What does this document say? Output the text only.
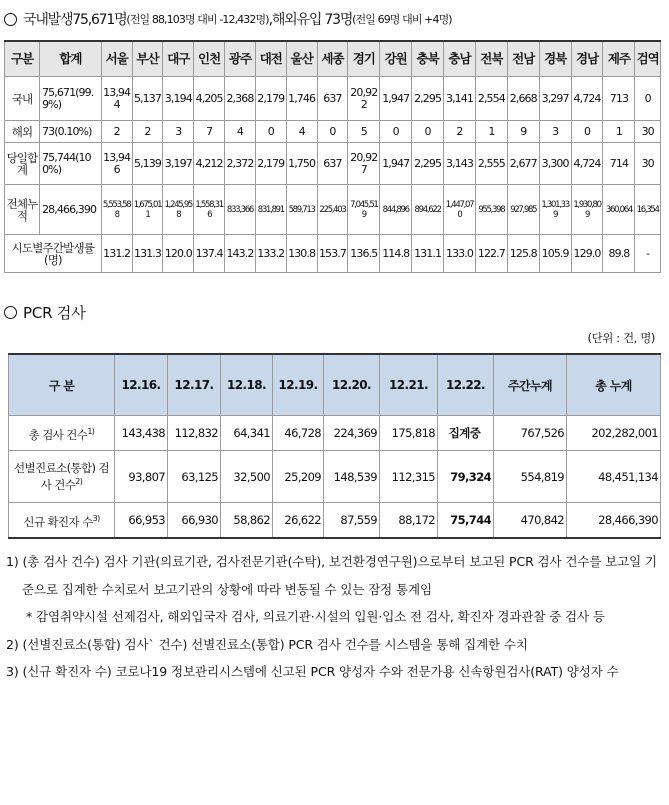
국내발생 75,671명 (전일 88,103명 대비 -12,432명) ,해외유입 73명 (전일 69명 대비 +4명)
구분	합계	서울	부산	대구	인천	광주	대전	울산	세종	경기	강원	충북	충남	전북	전남	경북	경남	제주	검역
국내	75,671(99.9%)	13,944	5,137	3,194	4,205	2,368	2,179	1,746	637	20,922	1,947	2,295	3,141	2,554	2,668	3,297	4,724	713	0
해외	73(0.10%)	2	2	3	7	4	0	4	0	5	0	0	2	1	9	3	0	1	30
당일합계	75,744(100%)	13,946	5,139	3,197	4,212	2,372	2,179	1,750	637	20,927	1,947	2,295	3,143	2,555	2,677	3,300	4,724	714	30
전체누적	28,466,390	5,553,588	1,675,011	1,245,958	1,558,316	833,366	831,891	589,713	225,403	7,045,519	844,896	894,622	1,447,070	955,398	927,985	1,301,339	1,930,809	360,064	16,354
시도별주간발생률(명)		131.2	131.3	120.0	137.4	143.2	133.2	130.8	153.7	136.5	114.8	131.1	133.0	122.7	125.8	105.9	129.0	89.8	-
PCR 검사
(단위 : 건, 명)
구 분	12.16.	12.17.	12.18.	12.19.	12.20.	12.21.	12.22.	주간누계	총 누계
총 검사 건수$^{1)}$	143,438	112,832	64,341	46,728	224,369	175,818	집계중	767,526	202,282,001
선별진료소(통합) 검사 건수$^{2)}$	93,807	63,125	32,500	25,209	148,539	112,315	79,324	554,819	48,451,134
신규 확진자 수$^{3)}$	66,953	66,930	58,862	26,622	87,559	88,172	75,744	470,842	28,466,390

1) (총 검사 건수) 검사 기관(의료기관, 검사전문기관(수탁), 보건환경연구원)으로부터 보고된 PCR 검사 건수를 보고일 기준으로 집계한 수치로서 보고기관의 상황에 따라 변동될 수 있는 잠정 통계임

* 감염취약시설 선제검사, 해외입국자 검사, 의료기관·시설의 입원·입소 전 검사, 확진자 경과관찰 중 검사 등

2) (선별진료소(통합) 검사` 건수) 선별진료소(통합) PCR 검사 건수를 시스템을 통해 집계한 수치

3) (신규 확진자 수) 코로나19 정보관리시스템에 신고된 PCR 양성자 수와 전문가용 신속항원검사(RAT) 양성자 수
